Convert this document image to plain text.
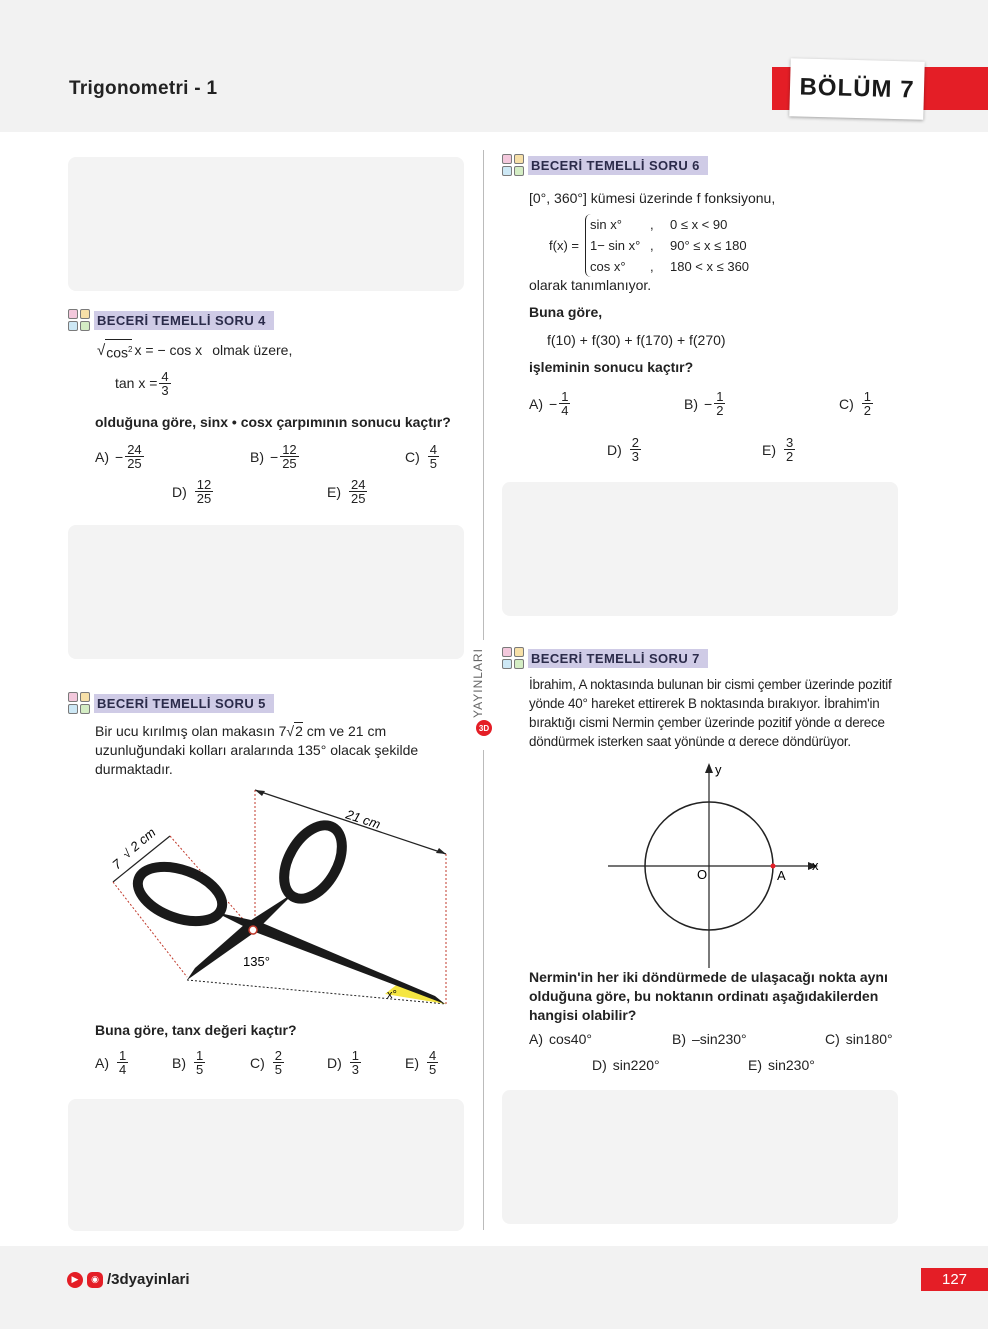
Trigonometri - 1	BÖLÜM 7
YAYINLARI
3D
BECERİ TEMELLİ SORU 4
√ $\cos^2 x$ = − cos x olmak üzere,
$\tan x = \frac{4}{3}$
olduğuna göre, sinx • cosx çarpımının sonucu kaçtır?
$A) - \frac{24}{25}$	$B) - \frac{12}{25}$	$C) \frac{4}{5}$
$D) \frac{12}{25}$	$E) \frac{24}{25}$
BECERİ TEMELLİ SORU 5
Bir ucu kırılmış olan makasın 7√2 cm ve 21 cm
uzunluğundaki kolları aralarında 135° olacak şekilde
durmaktadır.
21 cm
7
√
2 cm
135°
x°
Buna göre, tanx değeri kaçtır?
$A) \frac{1}{4}$	$B) \frac{1}{5}$	$C) \frac{2}{5}$	$D) \frac{1}{3}$	$E) \frac{4}{5}$
BECERİ TEMELLİ SORU 6
[0°, 360°] kümesi üzerinde f fonksiyonu,
f(x) =
sin x°	,	0 ≤ x < 90
1− sin x° ,	90° ≤ x ≤ 180
cos x°	,	180 < x ≤ 360
olarak tanımlanıyor.
Buna göre,
f(10) + f(30) + f(170) + f(270)
işleminin sonucu kaçtır?
$A) - \frac{1}{4}$	$B) - \frac{1}{2}$	$C) \frac{1}{2}$
$D) \frac{2}{3}$	$E) \frac{3}{2}$
BECERİ TEMELLİ SORU 7
İbrahim, A noktasında bulunan bir cismi çember üzerinde pozitif
yönde 40° hareket ettirerek B noktasında bırakıyor. İbrahim'in
bıraktığı cismi Nermin çember üzerinde pozitif yönde α derece
döndürmek isterken saat yönünde α derece döndürüyor.
y
x
O	A
Nermin'in her iki döndürmede de ulaşacağı nokta aynı
olduğuna göre, bu noktanın ordinatı aşağıdakilerden
hangisi olabilir?
A) cos40°	B) –sin230°	C) sin180°
D) sin220°	E) sin230°
▶	◉ /3dyayinlari	127
